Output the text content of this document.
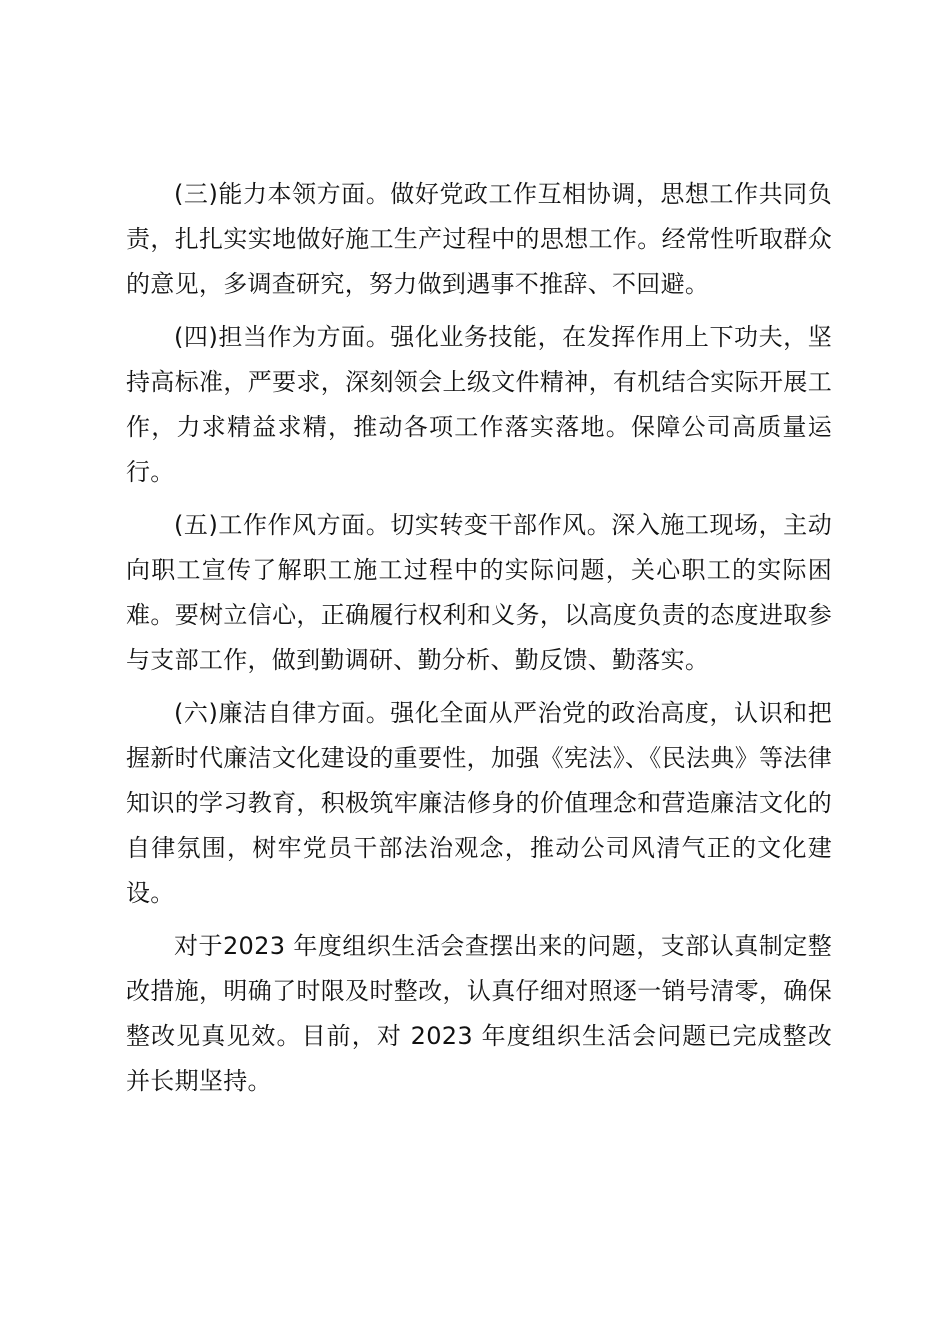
(三)能力本领方面。做好党政工作互相协调，思想工作共同负责，扎扎实实地做好施工生产过程中的思想工作。经常性听取群众的意见，多调查研究，努力做到遇事不推辞、不回避。

(四)担当作为方面。强化业务技能，在发挥作用上下功夫，坚持高标准，严要求，深刻领会上级文件精神，有机结合实际开展工作，力求精益求精，推动各项工作落实落地。保障公司高质量运行。

(五)工作作风方面。切实转变干部作风。深入施工现场，主动向职工宣传了解职工施工过程中的实际问题，关心职工的实际困难。要树立信心，正确履行权利和义务，以高度负责的态度进取参与支部工作，做到勤调研、勤分析、勤反馈、勤落实。

(六)廉洁自律方面。强化全面从严治党的政治高度，认识和把握新时代廉洁文化建设的重要性，加强《宪法》、《民法典》等法律知识的学习教育，积极筑牢廉洁修身的价值理念和营造廉洁文化的自律氛围，树牢党员干部法治观念，推动公司风清气正的文化建设。

对于2023 年度组织生活会查摆出来的问题，支部认真制定整改措施，明确了时限及时整改，认真仔细对照逐一销号清零，确保整改见真见效。目前，对 2023 年度组织生活会问题已完成整改并长期坚持。
